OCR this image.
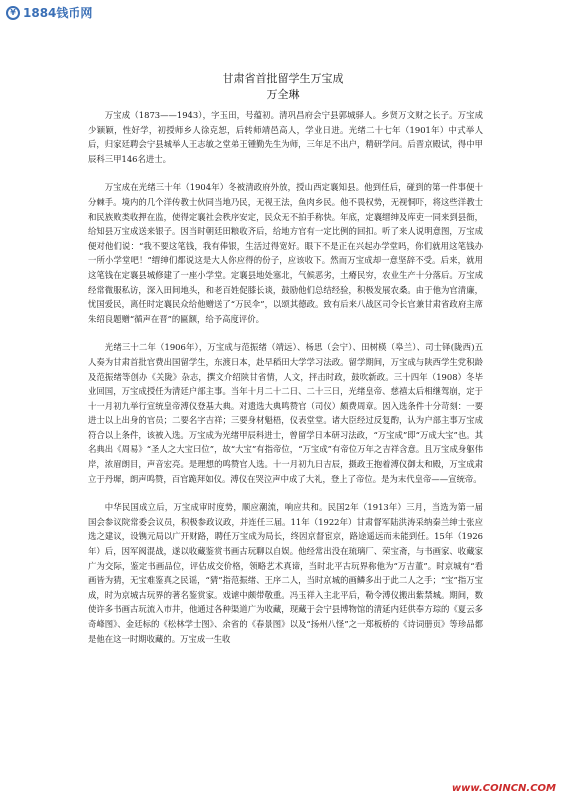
¥ 1884钱币网
甘肃省首批留学生万宝成
万全琳

万宝成（1873——1943），字玉田，号蕴初。清巩昌府会宁县郭城驿人。乡贤万文财之长子。万宝成少颖颖，性好学，初授师乡人徐克恕，后转师靖邑高人，学业日进。光绪二十七年（1901年）中式举人后，归家廷聘会宁县城举人王志敏之堂弟王锺勤先生为师，三年足不出户，精研学问。后晋京殿试，得中甲辰科三甲146名进士。

万宝成在光绪三十年（1904年）冬被清政府外放，授山西定襄知县。他到任后，碰到的第一件事便十分棘手。境内的几个洋传教士伙同当地乃民，无视王法，鱼肉乡民。他不畏权势，无视恫吓，将这些洋教士和民族败类收押在监，使得定襄社会秩序安定，民众无不拍手称快。年底，定襄缙绅及库吏一同来到县衙，给知县万宝成送来银子。因当时朝廷田粮收齐后，给地方官有一定比例的回扣。听了来人说明意图，万宝成便对他们说：“我不要这笔钱，我有俸银，生活过得宽好。眼下不是正在兴起办学堂吗，你们就用这笔钱办一所小学堂吧！”缙绅们都说这是大人你应得的份子，应该收下。然而万宝成却一意坚辞不受。后来，就用这笔钱在定襄县城修建了一座小学堂。定襄县地处塞北，气候恶劣，土瘠民穷，农业生产十分落后。万宝成经常微服私访，深入田间地头，和老百姓促膝长谈，鼓励他们总结经验，积极发展农桑。由于他为官清廉，忧国爱民，离任时定襄民众给他赠送了“万民伞”，以颂其德政。致有后来八战区司令长官兼甘肃省政府主席朱绍良题赠“循声在晋”的匾额，给予高度评价。

光绪三十二年（1906年），万宝成与范振绪（靖远）、杨思（会宁）、田树楧（皋兰）、司士铎(陇西)五人奏为甘肃首批官费出国留学生，东渡日本，赴早稻田大学学习法政。留学期间，万宝成与陕西学生党积龄及范振绪等创办《关陇》杂志，撰文介绍陕甘省情，人文，抨击时政，鼓吹新政。三十四年（1908）冬毕业回国，万宝成授任为清廷户部主事。当年十月二十二日、二十三日，光绪皇帝、慈禧太后相继驾崩，定于十一月初九举行宣统皇帝溥仪登基大典。对遗选大典鸣赞官（司仪）颇费周章。因入选条件十分苛刻：一要进士以上出身的官员；二要名字吉祥；三要身材魁梧，仪表堂堂。诸大臣经过反复酌，认为户部主事万宝成符合以上条件，该被入选。万宝成为光绪甲辰科进士，曾留学日本研习法政，“万宝成”即“万成大宝”也。其名典出《周易》“圣人之大宝曰位”，故“大宝”有指帝位，“万宝成”有帝位万年之吉祥含意。且万宝成身躯伟岸，浓眉朗目，声音宏亮。是理想的鸣赞官人选。十一月初九日吉辰，摄政王抱着溥仪御太和殿，万宝成肃立于丹墀，朗声鸣赞，百官跪拜如仪。溥仪在哭泣声中成了大礼，登上了帝位。是为末代皇帝——宣统帝。

中华民国成立后，万宝成审时度势，顺应潮流，响应共和。民国2年（1913年）三月，当选为第一届国会参议院常委会议员，积极参政议政，并连任三届。11年（1922年）甘肃督军陆洪涛采纳秦兰绅士张应选之建议，设镌元局以广开财路，聘任万宝成为局长，终因京督宦京，路途遥远而未能到任。15年（1926年）后，因军阀混战，遂以收藏鉴赏书画古玩聊以自娱。他经常出没在琉璃厂、荣宝斋，与书画家、收藏家广为交际，鉴定书画品位，评估成交价格，领略艺术真谛，当时北平古玩界称他为“万吉董”。时京城有“看画皆为猜，无宝难鉴真之民谣，“猜”指范振绪、王序二人，当时京城的画鳞多出于此二人之手；“宝”指万宝成，时为京城古玩界的著名鉴赏家。戏谑中颇带敬重。冯玉祥入主北平后，勒令溥仪搬出紫禁城。期间，数使许多书画古玩流入市井，他通过各种渠道广为收藏，现藏于会宁县博物馆的清延内廷供奉方琮的《夏云多奇峰图》、金廷标的《松林学士图》、余省的《春景图》以及“扬州八怪”之一郑板桥的《诗词册页》等珍品都是他在这一时期收藏的。万宝成一生收

www.COINCN.COM
